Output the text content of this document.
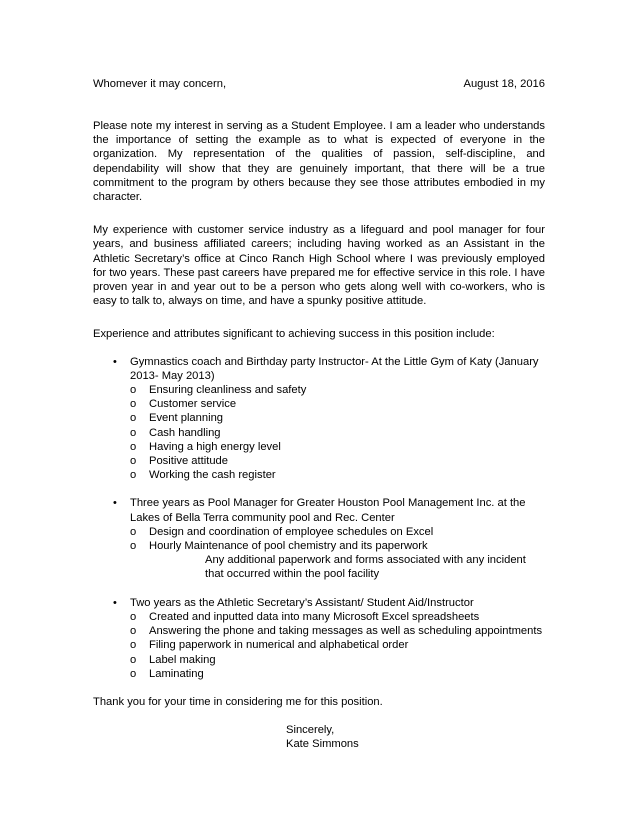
Whomever it may concern,	August 18, 2016

Please note my interest in serving as a Student Employee. I am a leader who understands the importance of setting the example as to what is expected of everyone in the organization. My representation of the qualities of passion, self-discipline, and dependability will show that they are genuinely important, that there will be a true commitment to the program by others because they see those attributes embodied in my character.

My experience with customer service industry as a lifeguard and pool manager for four years, and business affiliated careers; including having worked as an Assistant in the Athletic Secretary’s office at Cinco Ranch High School where I was previously employed for two years. These past careers have prepared me for effective service in this role. I have proven year in and year out to be a person who gets along well with co-workers, who is easy to talk to, always on time, and have a spunky positive attitude.

Experience and attributes significant to achieving success in this position include:

• Gymnastics coach and Birthday party Instructor- At the Little Gym of Katy (January 2013- May 2013)
o Ensuring cleanliness and safety
o Customer service
o Event planning
o Cash handling
o Having a high energy level
o Positive attitude
o Working the cash register
• Three years as Pool Manager for Greater Houston Pool Management Inc. at the Lakes of Bella Terra community pool and Rec. Center
o Design and coordination of employee schedules on Excel
o Hourly Maintenance of pool chemistry and its paperwork
Any additional paperwork and forms associated with any incident that occurred within the pool facility
• Two years as the Athletic Secretary’s Assistant/ Student Aid/Instructor
o Created and inputted data into many Microsoft Excel spreadsheets
o Answering the phone and taking messages as well as scheduling appointments
o Filing paperwork in numerical and alphabetical order
o Label making
o Laminating

Thank you for your time in considering me for this position.

Sincerely,
Kate Simmons
